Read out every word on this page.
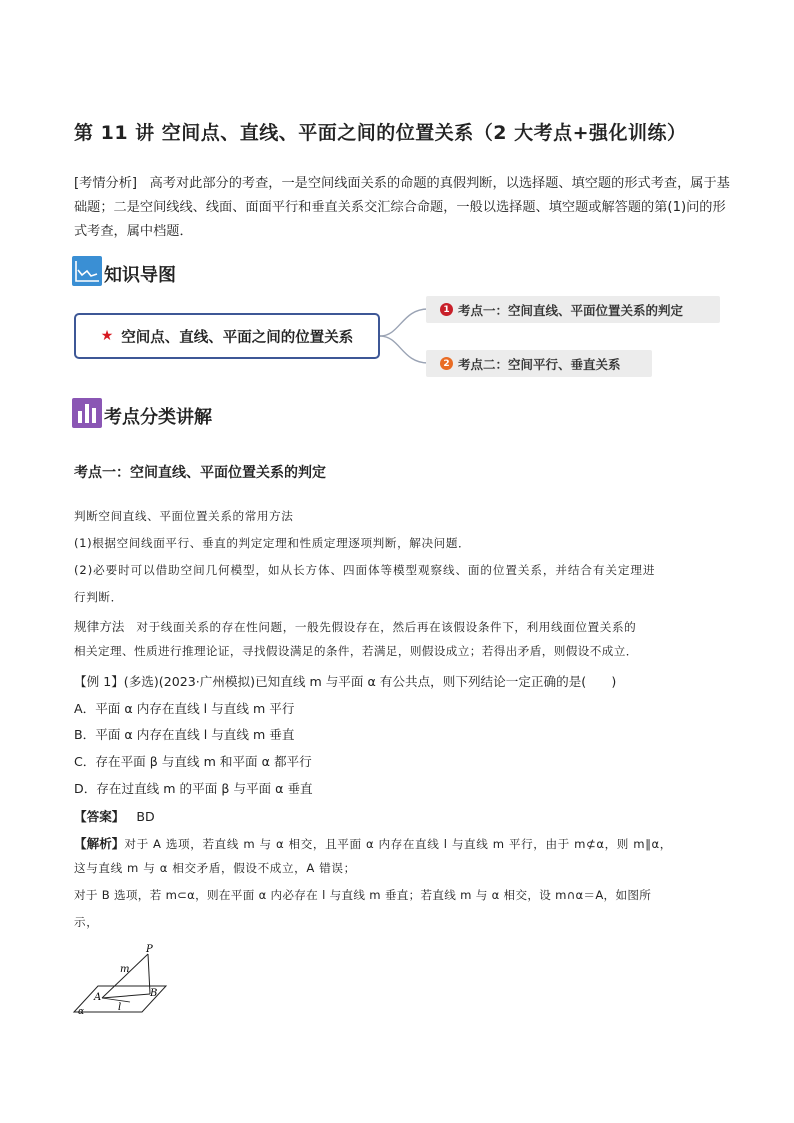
第 11 讲 空间点、直线、平面之间的位置关系（2 大考点+强化训练）
[考情分析] 高考对此部分的考查，一是空间线面关系的命题的真假判断，以选择题、填空题的形式考查，属于基础题；二是空间线线、线面、面面平行和垂直关系交汇综合命题，一般以选择题、填空题或解答题的第(1)问的形式考查，属中档题．
知识导图
★ 空间点、直线、平面之间的位置关系
1 考点一：空间直线、平面位置关系的判定
2 考点二：空间平行、垂直关系
考点分类讲解
考点一：空间直线、平面位置关系的判定
判断空间直线、平面位置关系的常用方法
(1)根据空间线面平行、垂直的判定定理和性质定理逐项判断，解决问题．
(2)必要时可以借助空间几何模型，如从长方体、四面体等模型观察线、面的位置关系，并结合有关定理进
行判断．
规律方法 对于线面关系的存在性问题，一般先假设存在，然后再在该假设条件下，利用线面位置关系的
相关定理、性质进行推理论证，寻找假设满足的条件，若满足，则假设成立；若得出矛盾，则假设不成立．
【例 1】(多选)(2023·广州模拟)已知直线 m 与平面 α 有公共点，则下列结论一定正确的是(　　)
A．平面 α 内存在直线 l 与直线 m 平行
B．平面 α 内存在直线 l 与直线 m 垂直
C．存在平面 β 与直线 m 和平面 α 都平行
D．存在过直线 m 的平面 β 与平面 α 垂直
【答案】 BD
【解析】对于 A 选项，若直线 m 与 α 相交，且平面 α 内存在直线 l 与直线 m 平行，由于 m⊄α，则 m∥α，
这与直线 m 与 α 相交矛盾，假设不成立，A 错误；
对于 B 选项，若 m⊂α，则在平面 α 内必存在 l 与直线 m 垂直；若直线 m 与 α 相交，设 m∩α＝A，如图所
示，
P
m
A
l
B
α
